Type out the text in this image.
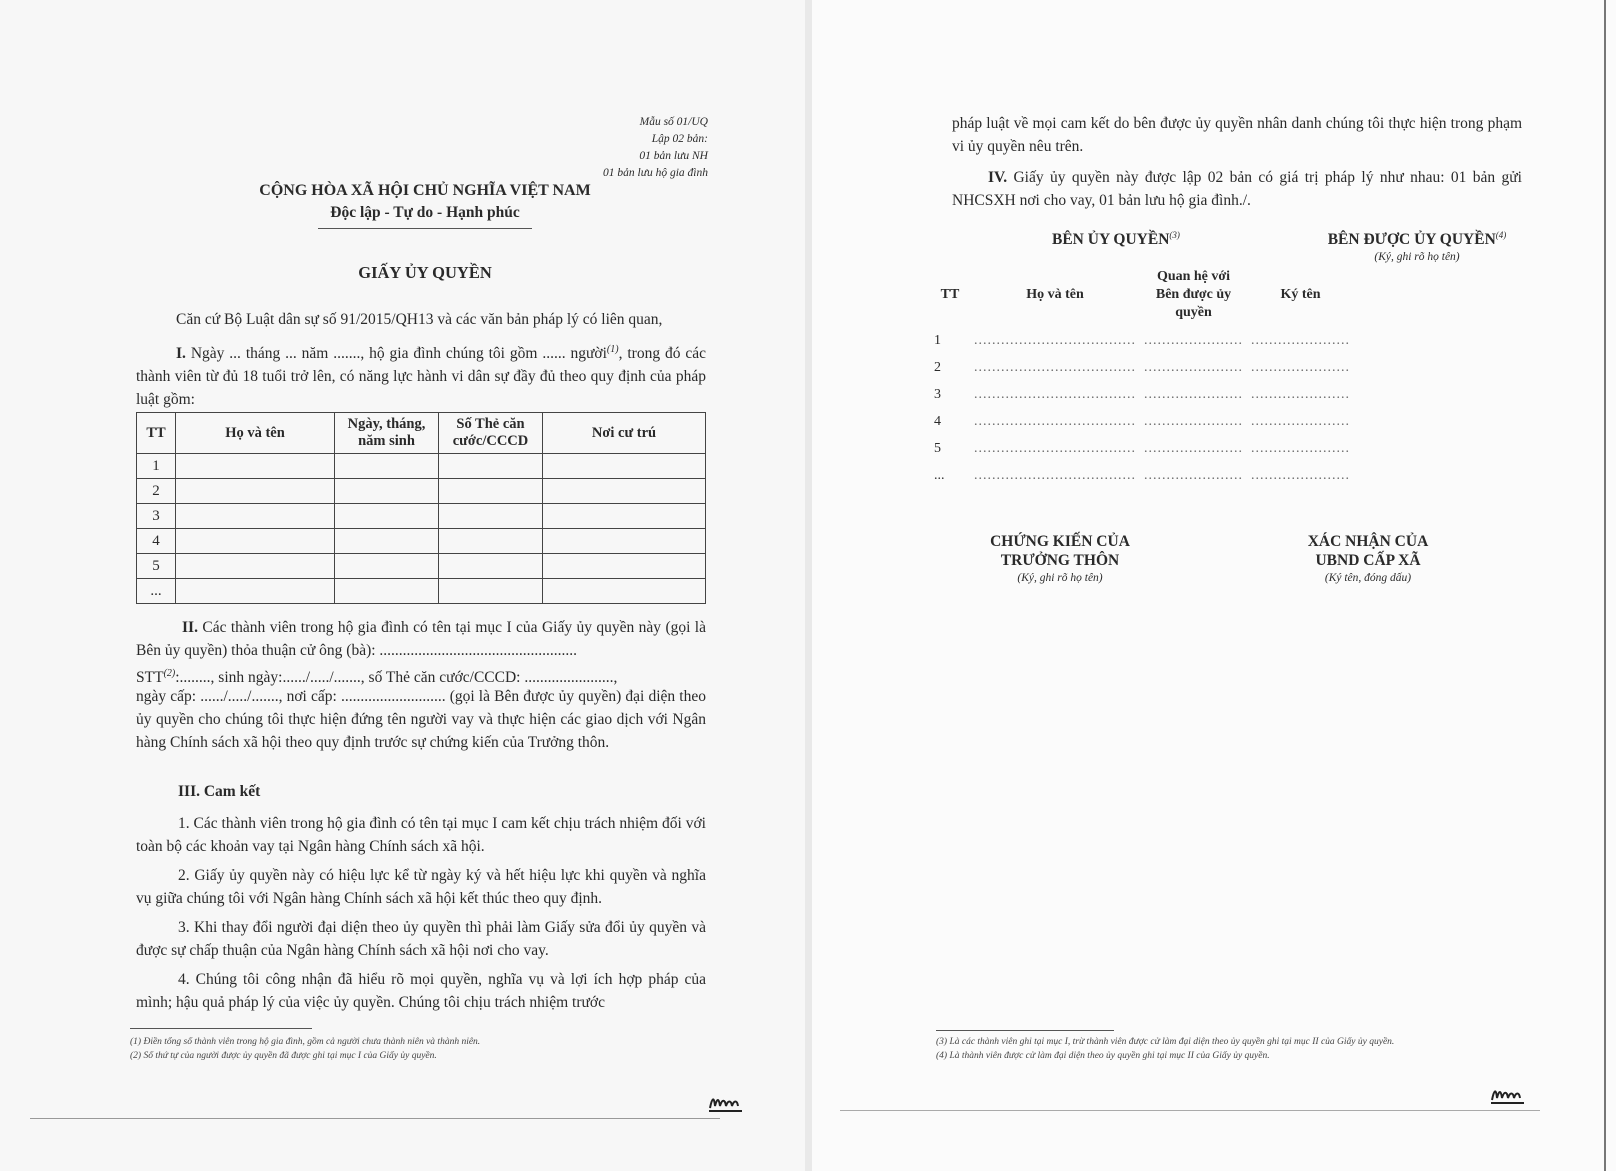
Mẫu số 01/UQ
Lập 02 bản:
01 bản lưu NH
01 bản lưu hộ gia đình
CỘNG HÒA XÃ HỘI CHỦ NGHĨA VIỆT NAM
Độc lập - Tự do - Hạnh phúc
GIẤY ỦY QUYỀN
Căn cứ Bộ Luật dân sự số 91/2015/QH13 và các văn bản pháp lý có liên quan,
I. Ngày ... tháng ... năm ......., hộ gia đình chúng tôi gồm ...... người$^{(1)}$, trong đó các thành viên từ đủ 18 tuổi trở lên, có năng lực hành vi dân sự đầy đủ theo quy định của pháp luật gồm:
TT	Họ và tên	Ngày, tháng, năm sinh	Số Thẻ căn cước/CCCD	Nơi cư trú
1				
2				
3				
4				
5				
...				
II. Các thành viên trong hộ gia đình có tên tại mục I của Giấy ủy quyền này (gọi là Bên ủy quyền) thỏa thuận cử ông (bà): ...................................................
STT$^{(2)}$:........, sinh ngày:....../...../......., số Thẻ căn cước/CCCD: .......................,
ngày cấp: ....../...../......., nơi cấp: ........................... (gọi là Bên được ủy quyền) đại diện theo ủy quyền cho chúng tôi thực hiện đứng tên người vay và thực hiện các giao dịch với Ngân hàng Chính sách xã hội theo quy định trước sự chứng kiến của Trưởng thôn.
III. Cam kết
1. Các thành viên trong hộ gia đình có tên tại mục I cam kết chịu trách nhiệm đối với toàn bộ các khoản vay tại Ngân hàng Chính sách xã hội.
2. Giấy ủy quyền này có hiệu lực kể từ ngày ký và hết hiệu lực khi quyền và nghĩa vụ giữa chúng tôi với Ngân hàng Chính sách xã hội kết thúc theo quy định.
3. Khi thay đổi người đại diện theo ủy quyền thì phải làm Giấy sửa đổi ủy quyền và được sự chấp thuận của Ngân hàng Chính sách xã hội nơi cho vay.
4. Chúng tôi công nhận đã hiểu rõ mọi quyền, nghĩa vụ và lợi ích hợp pháp của mình; hậu quả pháp lý của việc ủy quyền. Chúng tôi chịu trách nhiệm trước
(1) Điền tổng số thành viên trong hộ gia đình, gồm cả người chưa thành niên và thành niên.
(2) Số thứ tự của người được ủy quyền đã được ghi tại mục I của Giấy ủy quyền.
pháp luật về mọi cam kết do bên được ủy quyền nhân danh chúng tôi thực hiện trong phạm vi ủy quyền nêu trên.
IV. Giấy ủy quyền này được lập 02 bản có giá trị pháp lý như nhau: 01 bản gửi NHCSXH nơi cho vay, 01 bản lưu hộ gia đình./.
BÊN ỦY QUYỀN$^{(3)}$	BÊN ĐƯỢC ỦY QUYỀN$^{(4)}$
(Ký, ghi rõ họ tên)
TT	Họ và tên	Quan hệ với Bên được ủy quyền	Ký tên
1	....................................	......................	......................
2	....................................	......................	......................
3	....................................	......................	......................
4	....................................	......................	......................
5	....................................	......................	......................
...	....................................	......................	......................
CHỨNG KIẾN CỦA
TRƯỞNG THÔN
(Ký, ghi rõ họ tên)
XÁC NHẬN CỦA
UBND CẤP XÃ
(Ký tên, đóng dấu)
(3) Là các thành viên ghi tại mục I, trừ thành viên được cử làm đại diện theo ủy quyền ghi tại mục II của Giấy ủy quyền.
(4) Là thành viên được cử làm đại diện theo ủy quyền ghi tại mục II của Giấy ủy quyền.
